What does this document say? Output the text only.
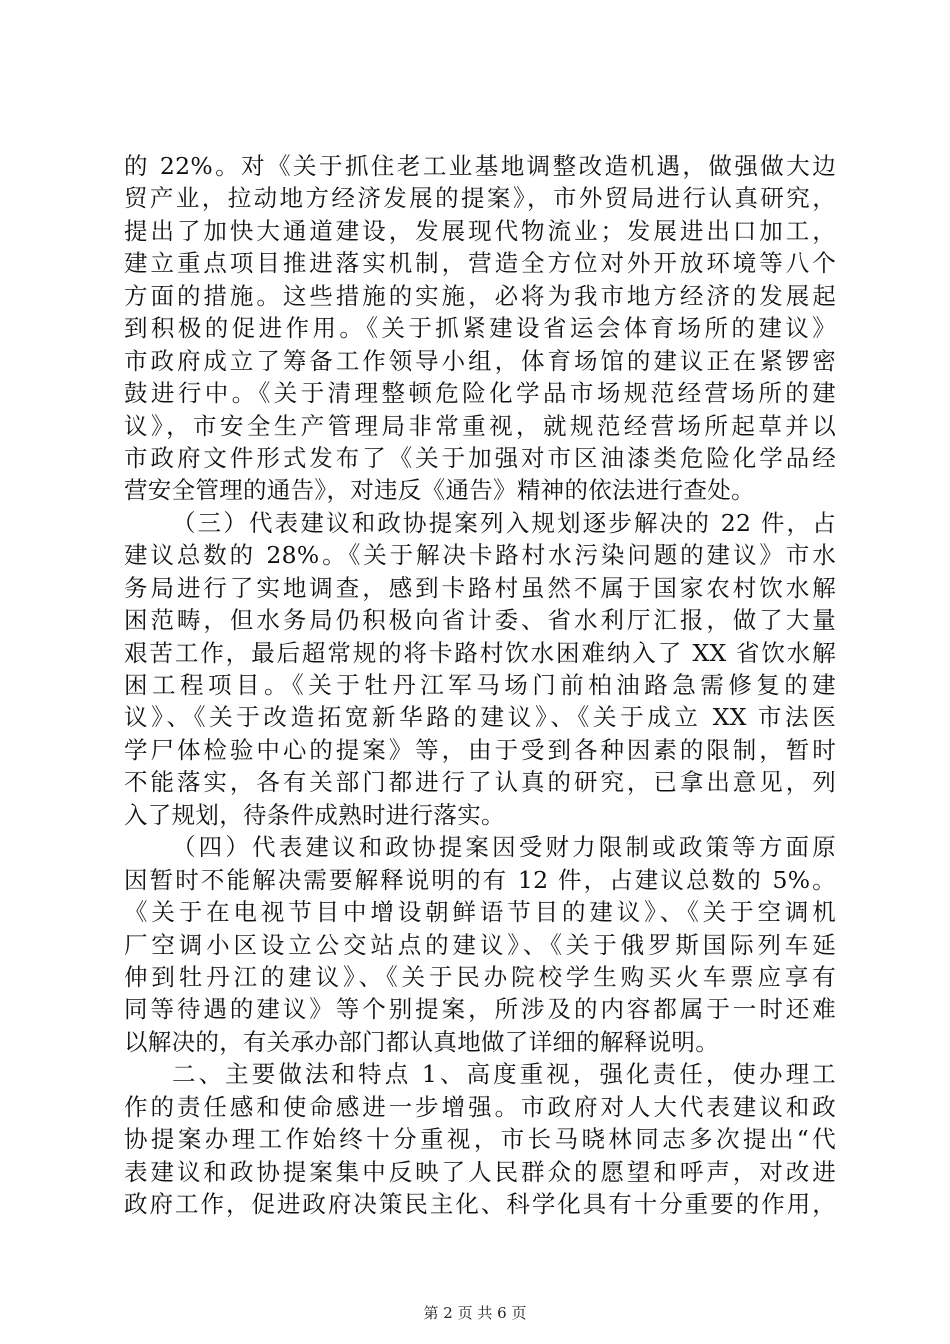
的 22%。对《关于抓住老工业基地调整改造机遇，做强做大边
贸产业，拉动地方经济发展的提案》，市外贸局进行认真研究，
提出了加快大通道建设，发展现代物流业；发展进出口加工，
建立重点项目推进落实机制，营造全方位对外开放环境等八个
方面的措施。这些措施的实施，必将为我市地方经济的发展起
到积极的促进作用。《关于抓紧建设省运会体育场所的建议》
市政府成立了筹备工作领导小组，体育场馆的建议正在紧锣密
鼓进行中。《关于清理整顿危险化学品市场规范经营场所的建
议》，市安全生产管理局非常重视，就规范经营场所起草并以
市政府文件形式发布了《关于加强对市区油漆类危险化学品经
营安全管理的通告》，对违反《通告》精神的依法进行查处。
（三）代表建议和政协提案列入规划逐步解决的 22 件，占
建议总数的 28%。《关于解决卡路村水污染问题的建议》市水
务局进行了实地调查，感到卡路村虽然不属于国家农村饮水解
困范畴，但水务局仍积极向省计委、省水利厅汇报，做了大量
艰苦工作，最后超常规的将卡路村饮水困难纳入了 XX 省饮水解
困工程项目。《关于牡丹江军马场门前柏油路急需修复的建
议》、《关于改造拓宽新华路的建议》、《关于成立 XX 市法医
学尸体检验中心的提案》等，由于受到各种因素的限制，暂时
不能落实，各有关部门都进行了认真的研究，已拿出意见，列
入了规划，待条件成熟时进行落实。
（四）代表建议和政协提案因受财力限制或政策等方面原
因暂时不能解决需要解释说明的有 12 件，占建议总数的 5%。
《关于在电视节目中增设朝鲜语节目的建议》、《关于空调机
厂空调小区设立公交站点的建议》、《关于俄罗斯国际列车延
伸到牡丹江的建议》、《关于民办院校学生购买火车票应享有
同等待遇的建议》等个别提案，所涉及的内容都属于一时还难
以解决的，有关承办部门都认真地做了详细的解释说明。
二、主要做法和特点 1、高度重视，强化责任，使办理工
作的责任感和使命感进一步增强。市政府对人大代表建议和政
协提案办理工作始终十分重视，市长马晓林同志多次提出“代
表建议和政协提案集中反映了人民群众的愿望和呼声，对改进
政府工作，促进政府决策民主化、科学化具有十分重要的作用，
第 2 页 共 6 页
